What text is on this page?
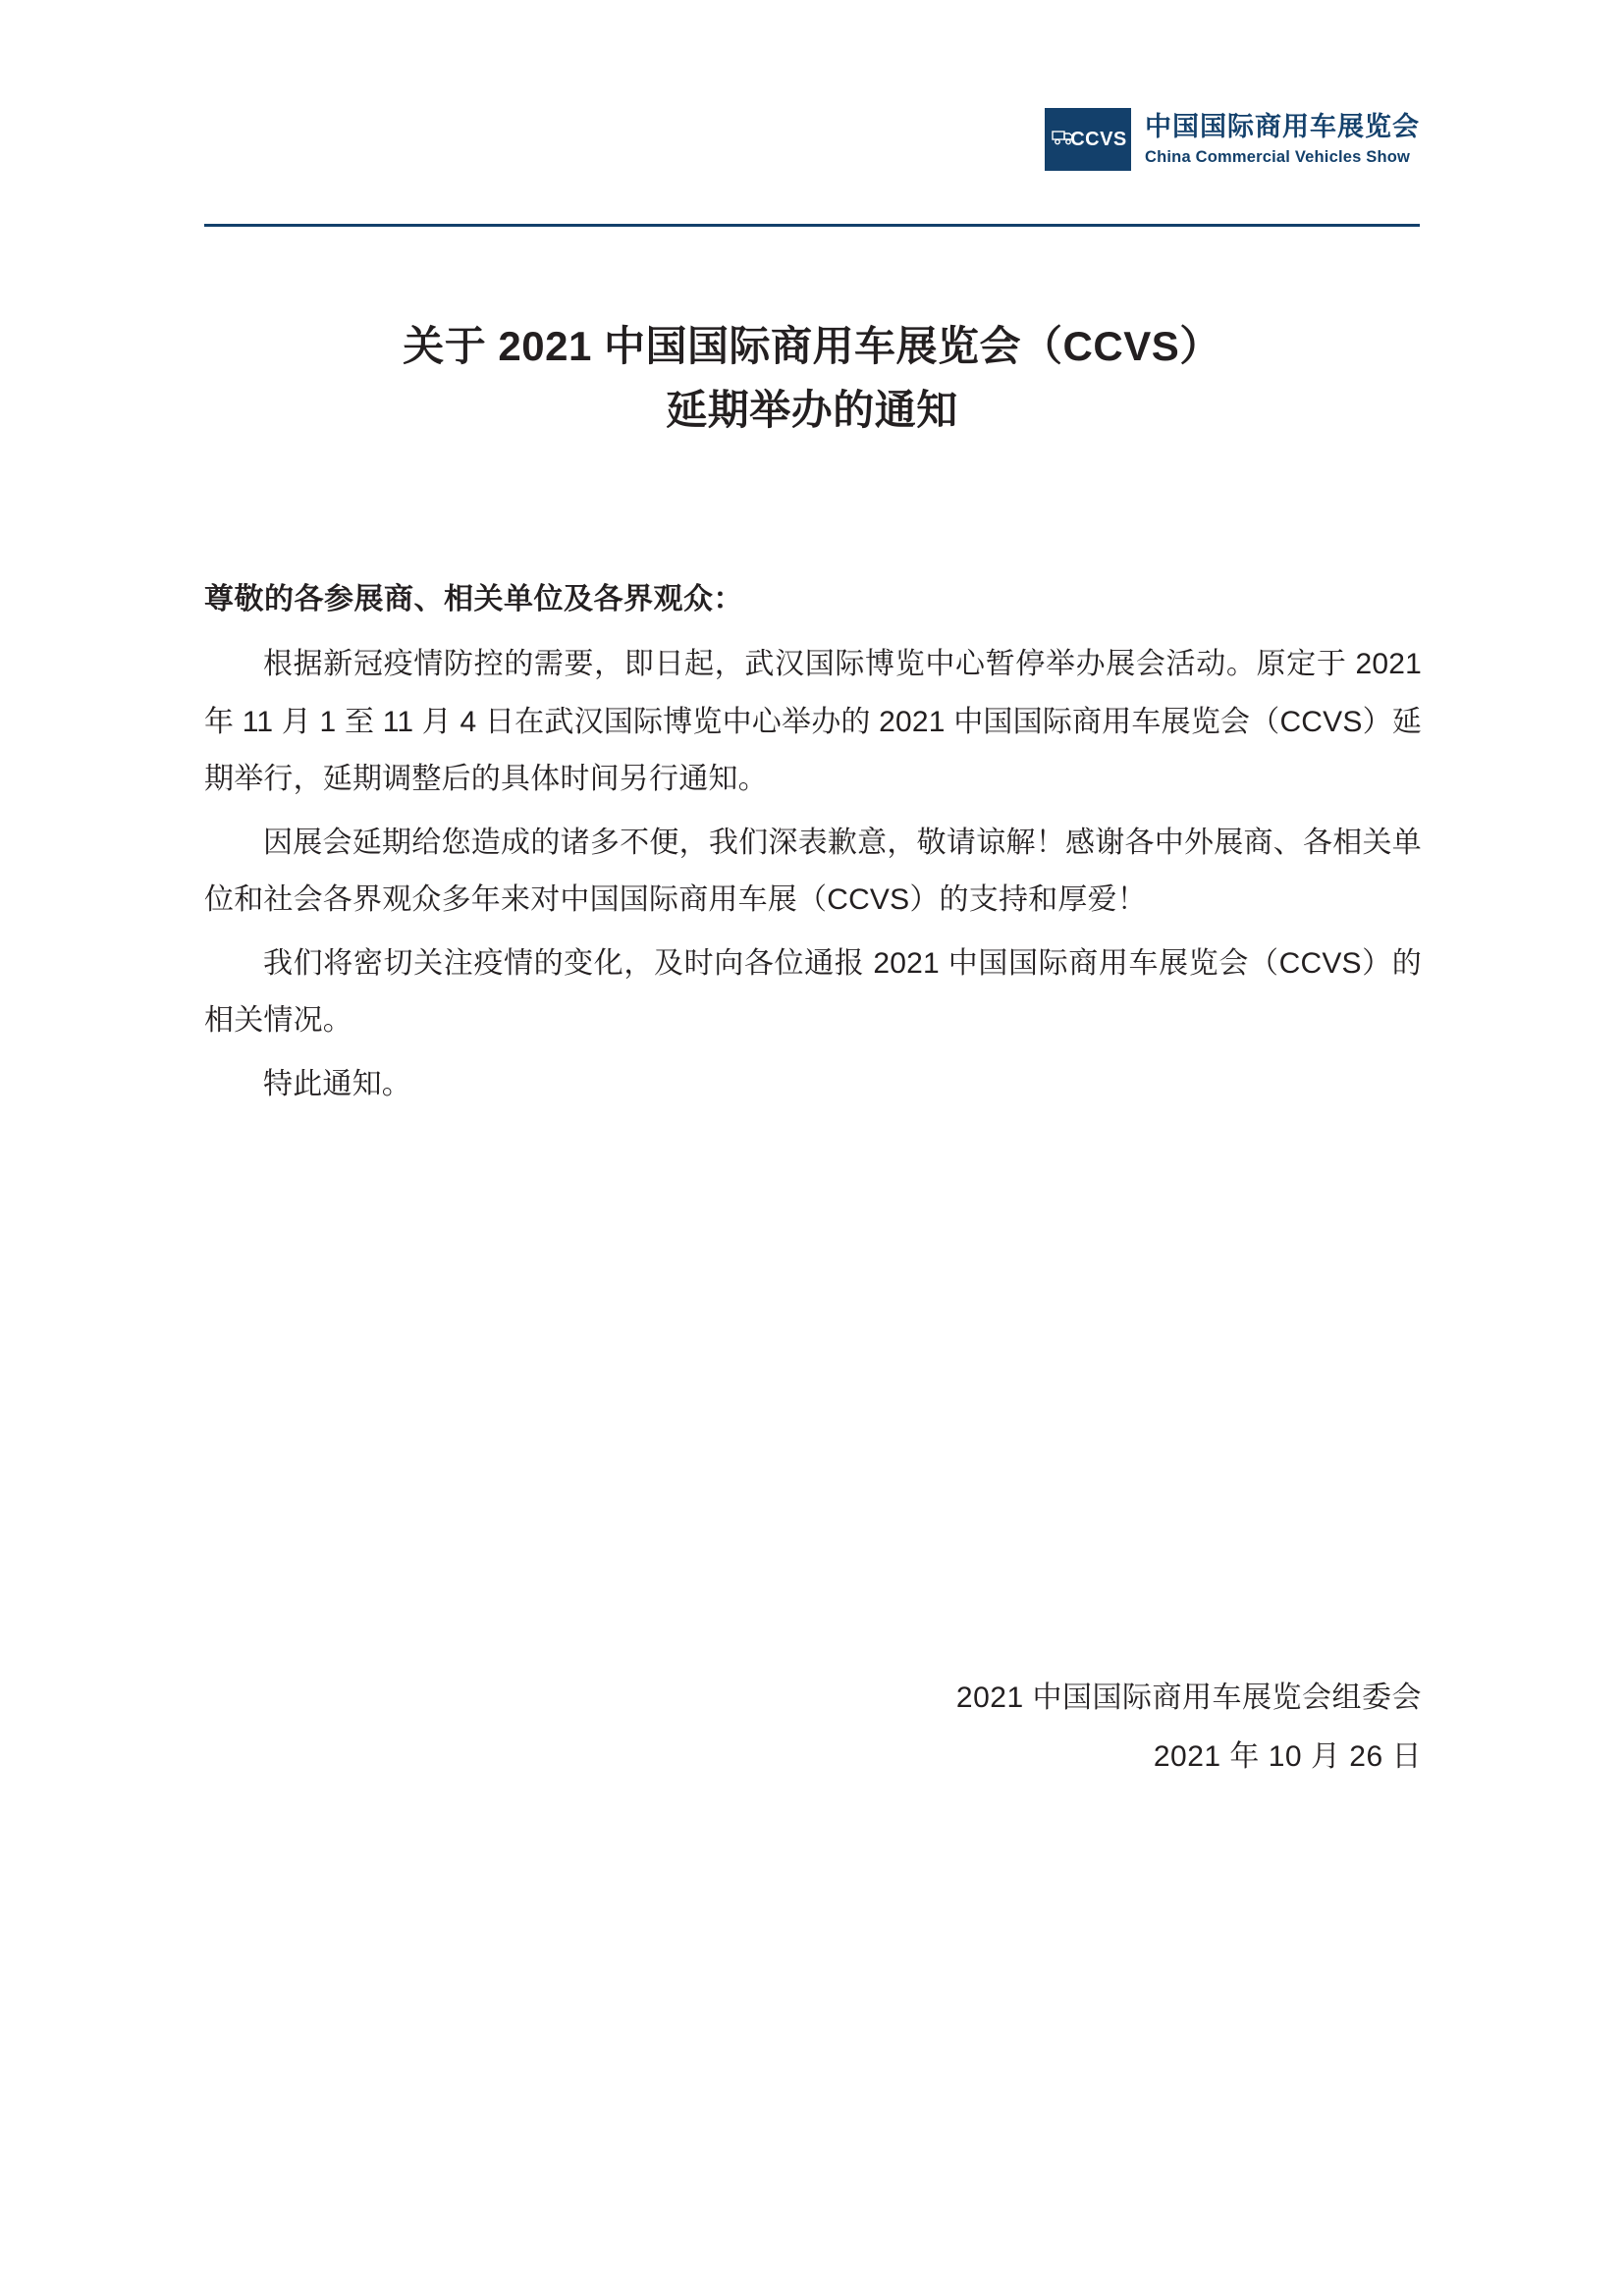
CCVS 中国国际商用车展览会
China Commercial Vehicles Show
关于 2021 中国国际商用车展览会（CCVS）
延期举办的通知
尊敬的各参展商、相关单位及各界观众：

根据新冠疫情防控的需要，即日起，武汉国际博览中心暂停举办展会活动。原定于 2021 年 11 月 1 至 11 月 4 日在武汉国际博览中心举办的 2021 中国国际商用车展览会（CCVS）延期举行，延期调整后的具体时间另行通知。

因展会延期给您造成的诸多不便，我们深表歉意，敬请谅解！感谢各中外展商、各相关单位和社会各界观众多年来对中国国际商用车展（CCVS）的支持和厚爱！

我们将密切关注疫情的变化，及时向各位通报 2021 中国国际商用车展览会（CCVS）的相关情况。

特此通知。

2021 中国国际商用车展览会组委会
2021 年 10 月 26 日
